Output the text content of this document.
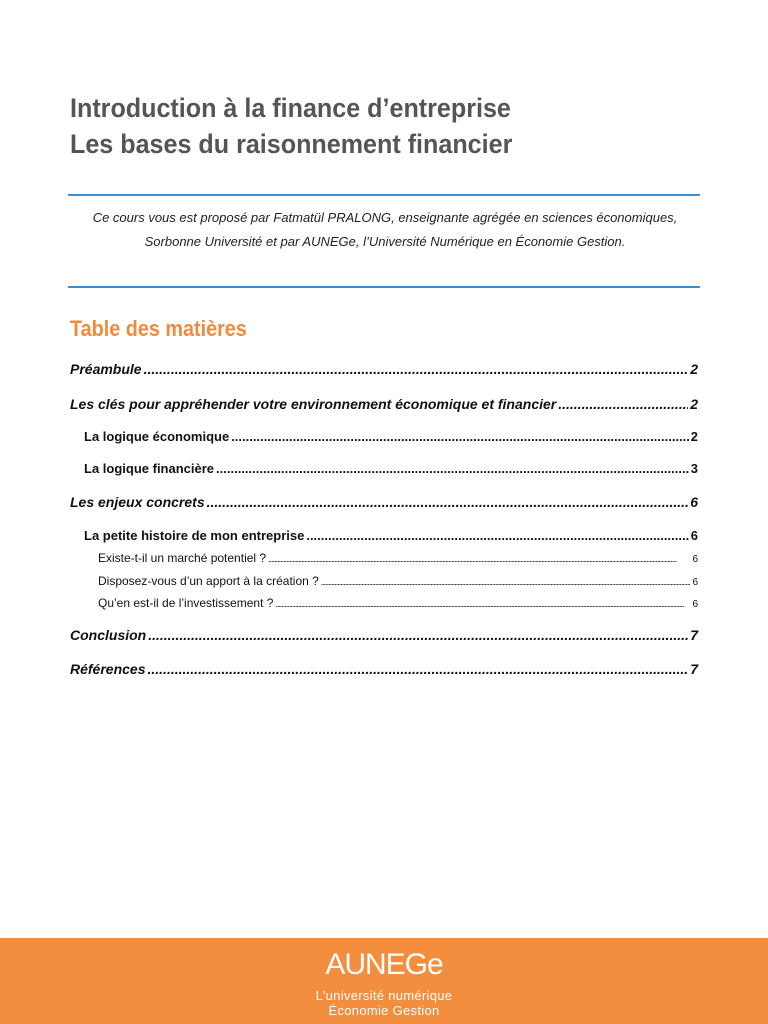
Introduction à la finance d’entreprise
Les bases du raisonnement financier

Ce cours vous est proposé par Fatmatül PRALONG, enseignante agrégée en sciences économiques, Sorbonne Université et par AUNEGe, l’Université Numérique en Économie Gestion.

Table des matières
Préambule .....	2
Les clés pour appréhender votre environnement économique et financier .....	2
La logique économique .....	2
La logique financière .....	3
Les enjeux concrets .....	6
La petite histoire de mon entreprise .....	6
Existe-t-il un marché potentiel ? .....	6
Disposez-vous d’un apport à la création ? .....	6
Qu’en est-il de l’investissement ? .....	6
Conclusion .....	7
Références .....	7
AUNEGe
L’université numérique
Économie Gestion
